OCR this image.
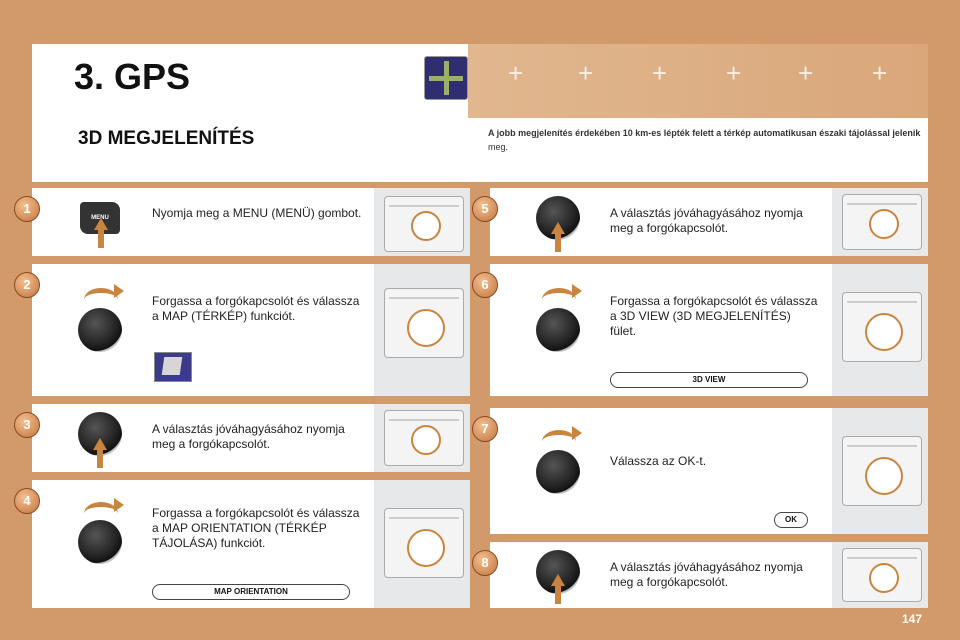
+ + + + + +
3. GPS
3D MEGJELENÍTÉS	A jobb megjelenítés érdekében 10 km-es lépték felett a térkép automatikusan északi tájolással jelenik
meg.
1
MENU	Nyomja meg a MENU (MENÜ) gombot.
2
Forgassa a forgókapcsolót és válassza a MAP (TÉRKÉP) funkciót.
3	A választás jóváhagyásához nyomja meg a forgókapcsolót.
4
Forgassa a forgókapcsolót és válassza a MAP ORIENTATION (TÉRKÉP TÁJOLÁSA) funkciót.
MAP ORIENTATION
5	A választás jóváhagyásához nyomja meg a forgókapcsolót.
6
Forgassa a forgókapcsolót és válassza a 3D VIEW (3D MEGJELENÍTÉS) fület.
3D VIEW
7
Válassza az OK-t.
OK
8	A választás jóváhagyásához nyomja meg a forgókapcsolót.
147
